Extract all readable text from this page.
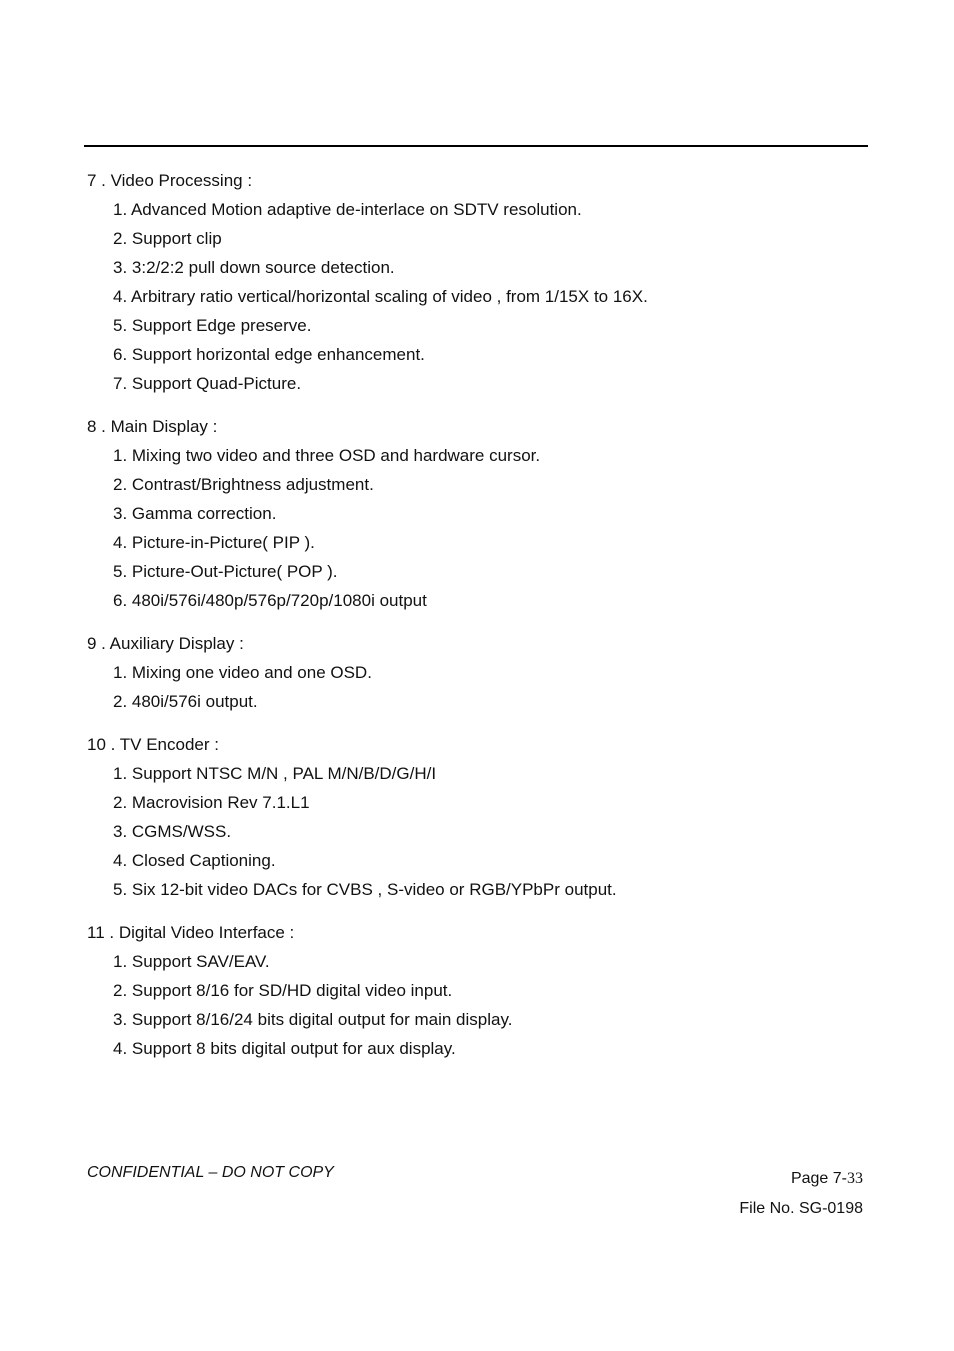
7 . Video Processing :
1. Advanced Motion adaptive de-interlace on SDTV resolution.
2. Support clip
3. 3:2/2:2 pull down source detection.
4. Arbitrary ratio vertical/horizontal scaling of video , from 1/15X to 16X.
5. Support Edge preserve.
6. Support horizontal edge enhancement.
7. Support Quad-Picture.
8 . Main Display :
1. Mixing two video and three OSD and hardware cursor.
2. Contrast/Brightness adjustment.
3. Gamma correction.
4. Picture-in-Picture( PIP ).
5. Picture-Out-Picture( POP ).
6. 480i/576i/480p/576p/720p/1080i output
9 . Auxiliary Display :
1. Mixing one video and one OSD.
2. 480i/576i output.
10 . TV Encoder :
1. Support NTSC M/N , PAL M/N/B/D/G/H/I
2. Macrovision Rev 7.1.L1
3. CGMS/WSS.
4. Closed Captioning.
5. Six 12-bit video DACs for CVBS , S-video or RGB/YPbPr output.
11 . Digital Video Interface :
1. Support SAV/EAV.
2. Support 8/16 for SD/HD digital video input.
3. Support 8/16/24 bits digital output for main display.
4. Support 8 bits digital output for aux display.
CONFIDENTIAL – DO NOT COPY	Page 7-33
File No. SG-0198
